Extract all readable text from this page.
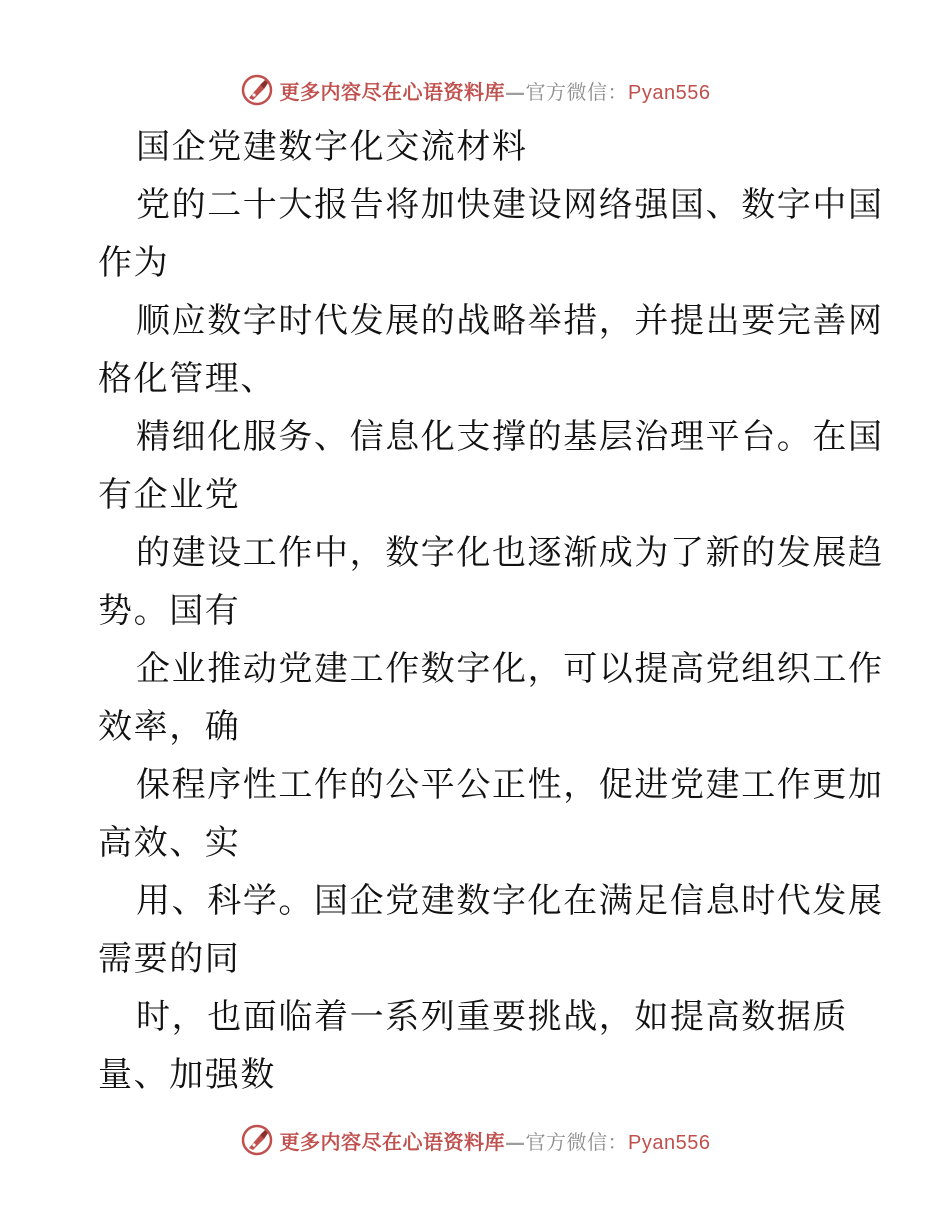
更多内容尽在心语资料库—官方微信：Pyan556
国企党建数字化交流材料
党的二十大报告将加快建设网络强国、数字中国
作为
顺应数字时代发展的战略举措，并提出要完善网
格化管理、
精细化服务、信息化支撑的基层治理平台。在国
有企业党
的建设工作中，数字化也逐渐成为了新的发展趋
势。国有
企业推动党建工作数字化，可以提高党组织工作
效率，确
保程序性工作的公平公正性，促进党建工作更加
高效、实
用、科学。国企党建数字化在满足信息时代发展
需要的同
时，也面临着一系列重要挑战，如提高数据质
量、加强数
更多内容尽在心语资料库—官方微信：Pyan556
